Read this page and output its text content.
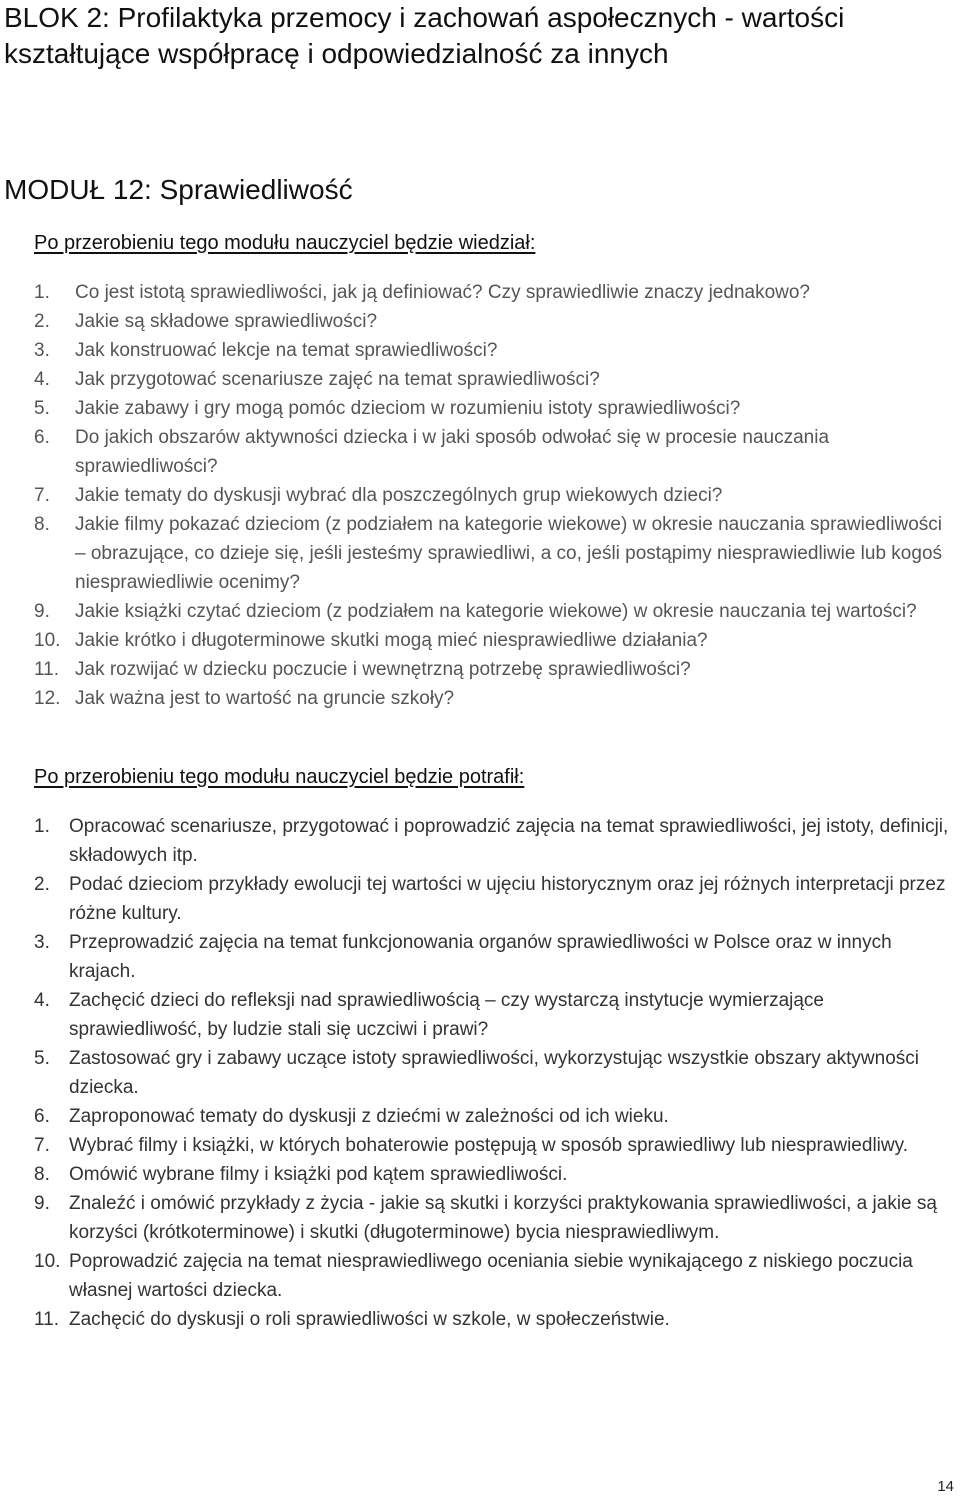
BLOK 2: Profilaktyka przemocy i zachowań aspołecznych - wartości kształtujące współpracę i odpowiedzialność za innych
MODUŁ 12: Sprawiedliwość

Po przerobieniu tego modułu nauczyciel będzie wiedział:

1.	Co jest istotą sprawiedliwości, jak ją definiować? Czy sprawiedliwie znaczy jednakowo?
2.	Jakie są składowe sprawiedliwości?
3.	Jak konstruować lekcje na temat sprawiedliwości?
4.	Jak przygotować scenariusze zajęć na temat sprawiedliwości?
5.	Jakie zabawy i gry mogą pomóc dzieciom w rozumieniu istoty sprawiedliwości?
6.	Do jakich obszarów aktywności dziecka i w jaki sposób odwołać się w procesie nauczania sprawiedliwości?
7.	Jakie tematy do dyskusji wybrać dla poszczególnych grup wiekowych dzieci?
8.	Jakie filmy pokazać dzieciom (z podziałem na kategorie wiekowe) w okresie nauczania sprawiedliwości – obrazujące, co dzieje się, jeśli jesteśmy sprawiedliwi, a co, jeśli postąpimy niesprawiedliwie lub kogoś niesprawiedliwie ocenimy?
9.	Jakie książki czytać dzieciom (z podziałem na kategorie wiekowe) w okresie nauczania tej wartości?
10. Jakie krótko i długoterminowe skutki mogą mieć niesprawiedliwe działania?
11. Jak rozwijać w dziecku poczucie i wewnętrzną potrzebę sprawiedliwości?
12. Jak ważna jest to wartość na gruncie szkoły?

Po przerobieniu tego modułu nauczyciel będzie potrafił:

1.	Opracować scenariusze, przygotować i poprowadzić zajęcia na temat sprawiedliwości, jej istoty, definicji, składowych itp.
2.	Podać dzieciom przykłady ewolucji tej wartości w ujęciu historycznym oraz jej różnych interpretacji przez różne kultury.
3.	Przeprowadzić zajęcia na temat funkcjonowania organów sprawiedliwości w Polsce oraz w innych krajach.
4.	Zachęcić dzieci do refleksji nad sprawiedliwością – czy wystarczą instytucje wymierzające sprawiedliwość, by ludzie stali się uczciwi i prawi?
5.	Zastosować gry i zabawy uczące istoty sprawiedliwości, wykorzystując wszystkie obszary aktywności dziecka.
6.	Zaproponować tematy do dyskusji z dziećmi w zależności od ich wieku.
7.	Wybrać filmy i książki, w których bohaterowie postępują w sposób sprawiedliwy lub niesprawiedliwy.
8.	Omówić wybrane filmy i książki pod kątem sprawiedliwości.
9.	Znaleźć i omówić przykłady z życia - jakie są skutki i korzyści praktykowania sprawiedliwości, a jakie są korzyści (krótkoterminowe) i skutki (długoterminowe) bycia niesprawiedliwym.
10. Poprowadzić zajęcia na temat niesprawiedliwego oceniania siebie wynikającego z niskiego poczucia własnej wartości dziecka.
11. Zachęcić do dyskusji o roli sprawiedliwości w szkole, w społeczeństwie.
14
